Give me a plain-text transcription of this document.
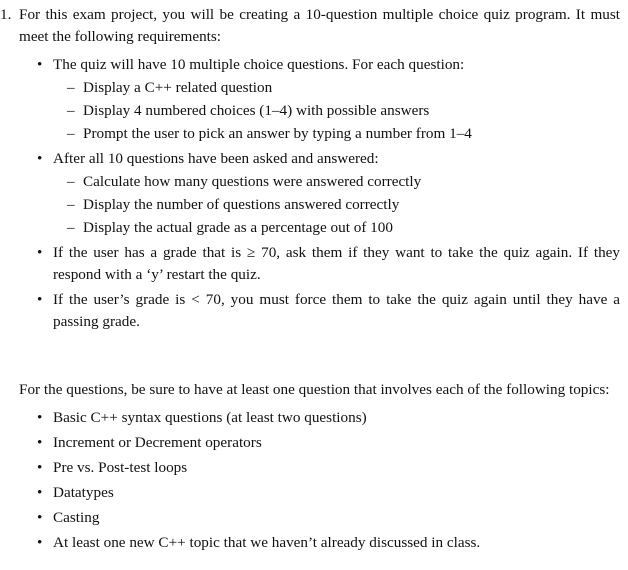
1. For this exam project, you will be creating a 10-question multiple choice quiz program. It must meet the following requirements:
• The quiz will have 10 multiple choice questions. For each question:
– Display a C++ related question
– Display 4 numbered choices (1–4) with possible answers
– Prompt the user to pick an answer by typing a number from 1–4
• After all 10 questions have been asked and answered:
– Calculate how many questions were answered correctly
– Display the number of questions answered correctly
– Display the actual grade as a percentage out of 100
• If the user has a grade that is ≥ 70, ask them if they want to take the quiz again. If they respond with a ‘y’ restart the quiz.
• If the user’s grade is < 70, you must force them to take the quiz again until they have a passing grade.
For the questions, be sure to have at least one question that involves each of the following topics:
• Basic C++ syntax questions (at least two questions)
• Increment or Decrement operators
• Pre vs. Post-test loops
• Datatypes
• Casting
• At least one new C++ topic that we haven’t already discussed in class.
